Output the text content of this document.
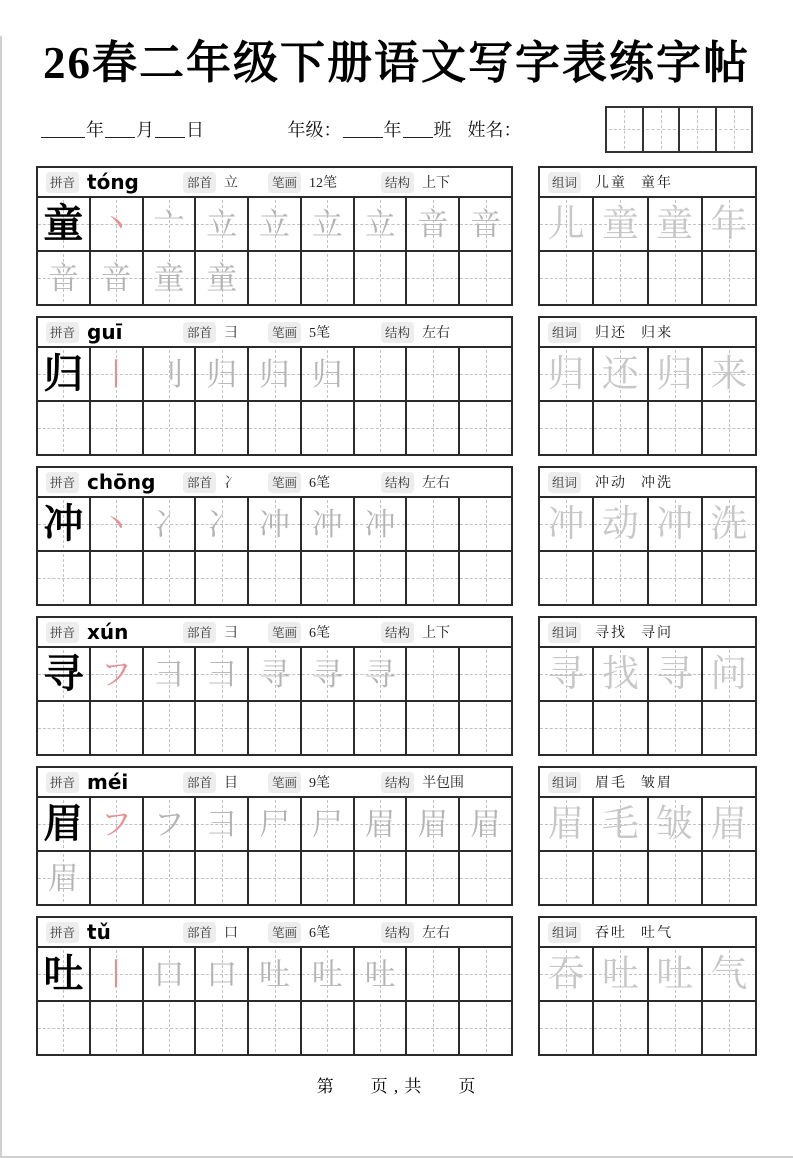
26春二年级下册语文写字表练字帖
年 月 日	年级： 年 班 姓名：
拼音 tóng	部首 立	笔画 12笔	结构 上下
童 丶 亠 立 立 立 立 音 音
音 音 童 童
组词 儿童 童年
儿 童 童 年
拼音 guī	部首 彐	笔画 5笔	结构 左右
归 丨 刂 归 归 归
组词 归还 归来
归 还 归 来
拼音 chōng	部首 冫	笔画 6笔	结构 左右
冲 丶 冫 冫 冲 冲 冲
组词 冲动 冲洗
冲 动 冲 洗
拼音 xún	部首 彐	笔画 6笔	结构 上下
寻 フ 彐 彐 寻 寻 寻
组词 寻找 寻问
寻 找 寻 问
拼音 méi	部首 目	笔画 9笔	结构 半包围
眉 フ フ 彐 尸 尸 眉 眉 眉
眉
组词 眉毛 皱眉
眉 毛 皱 眉
拼音 tǔ	部首 口	笔画 6笔	结构 左右
吐 丨 口 口 吐 吐 吐
组词 吞吐 吐气
吞 吐 吐 气
第　　页 , 共　　页
